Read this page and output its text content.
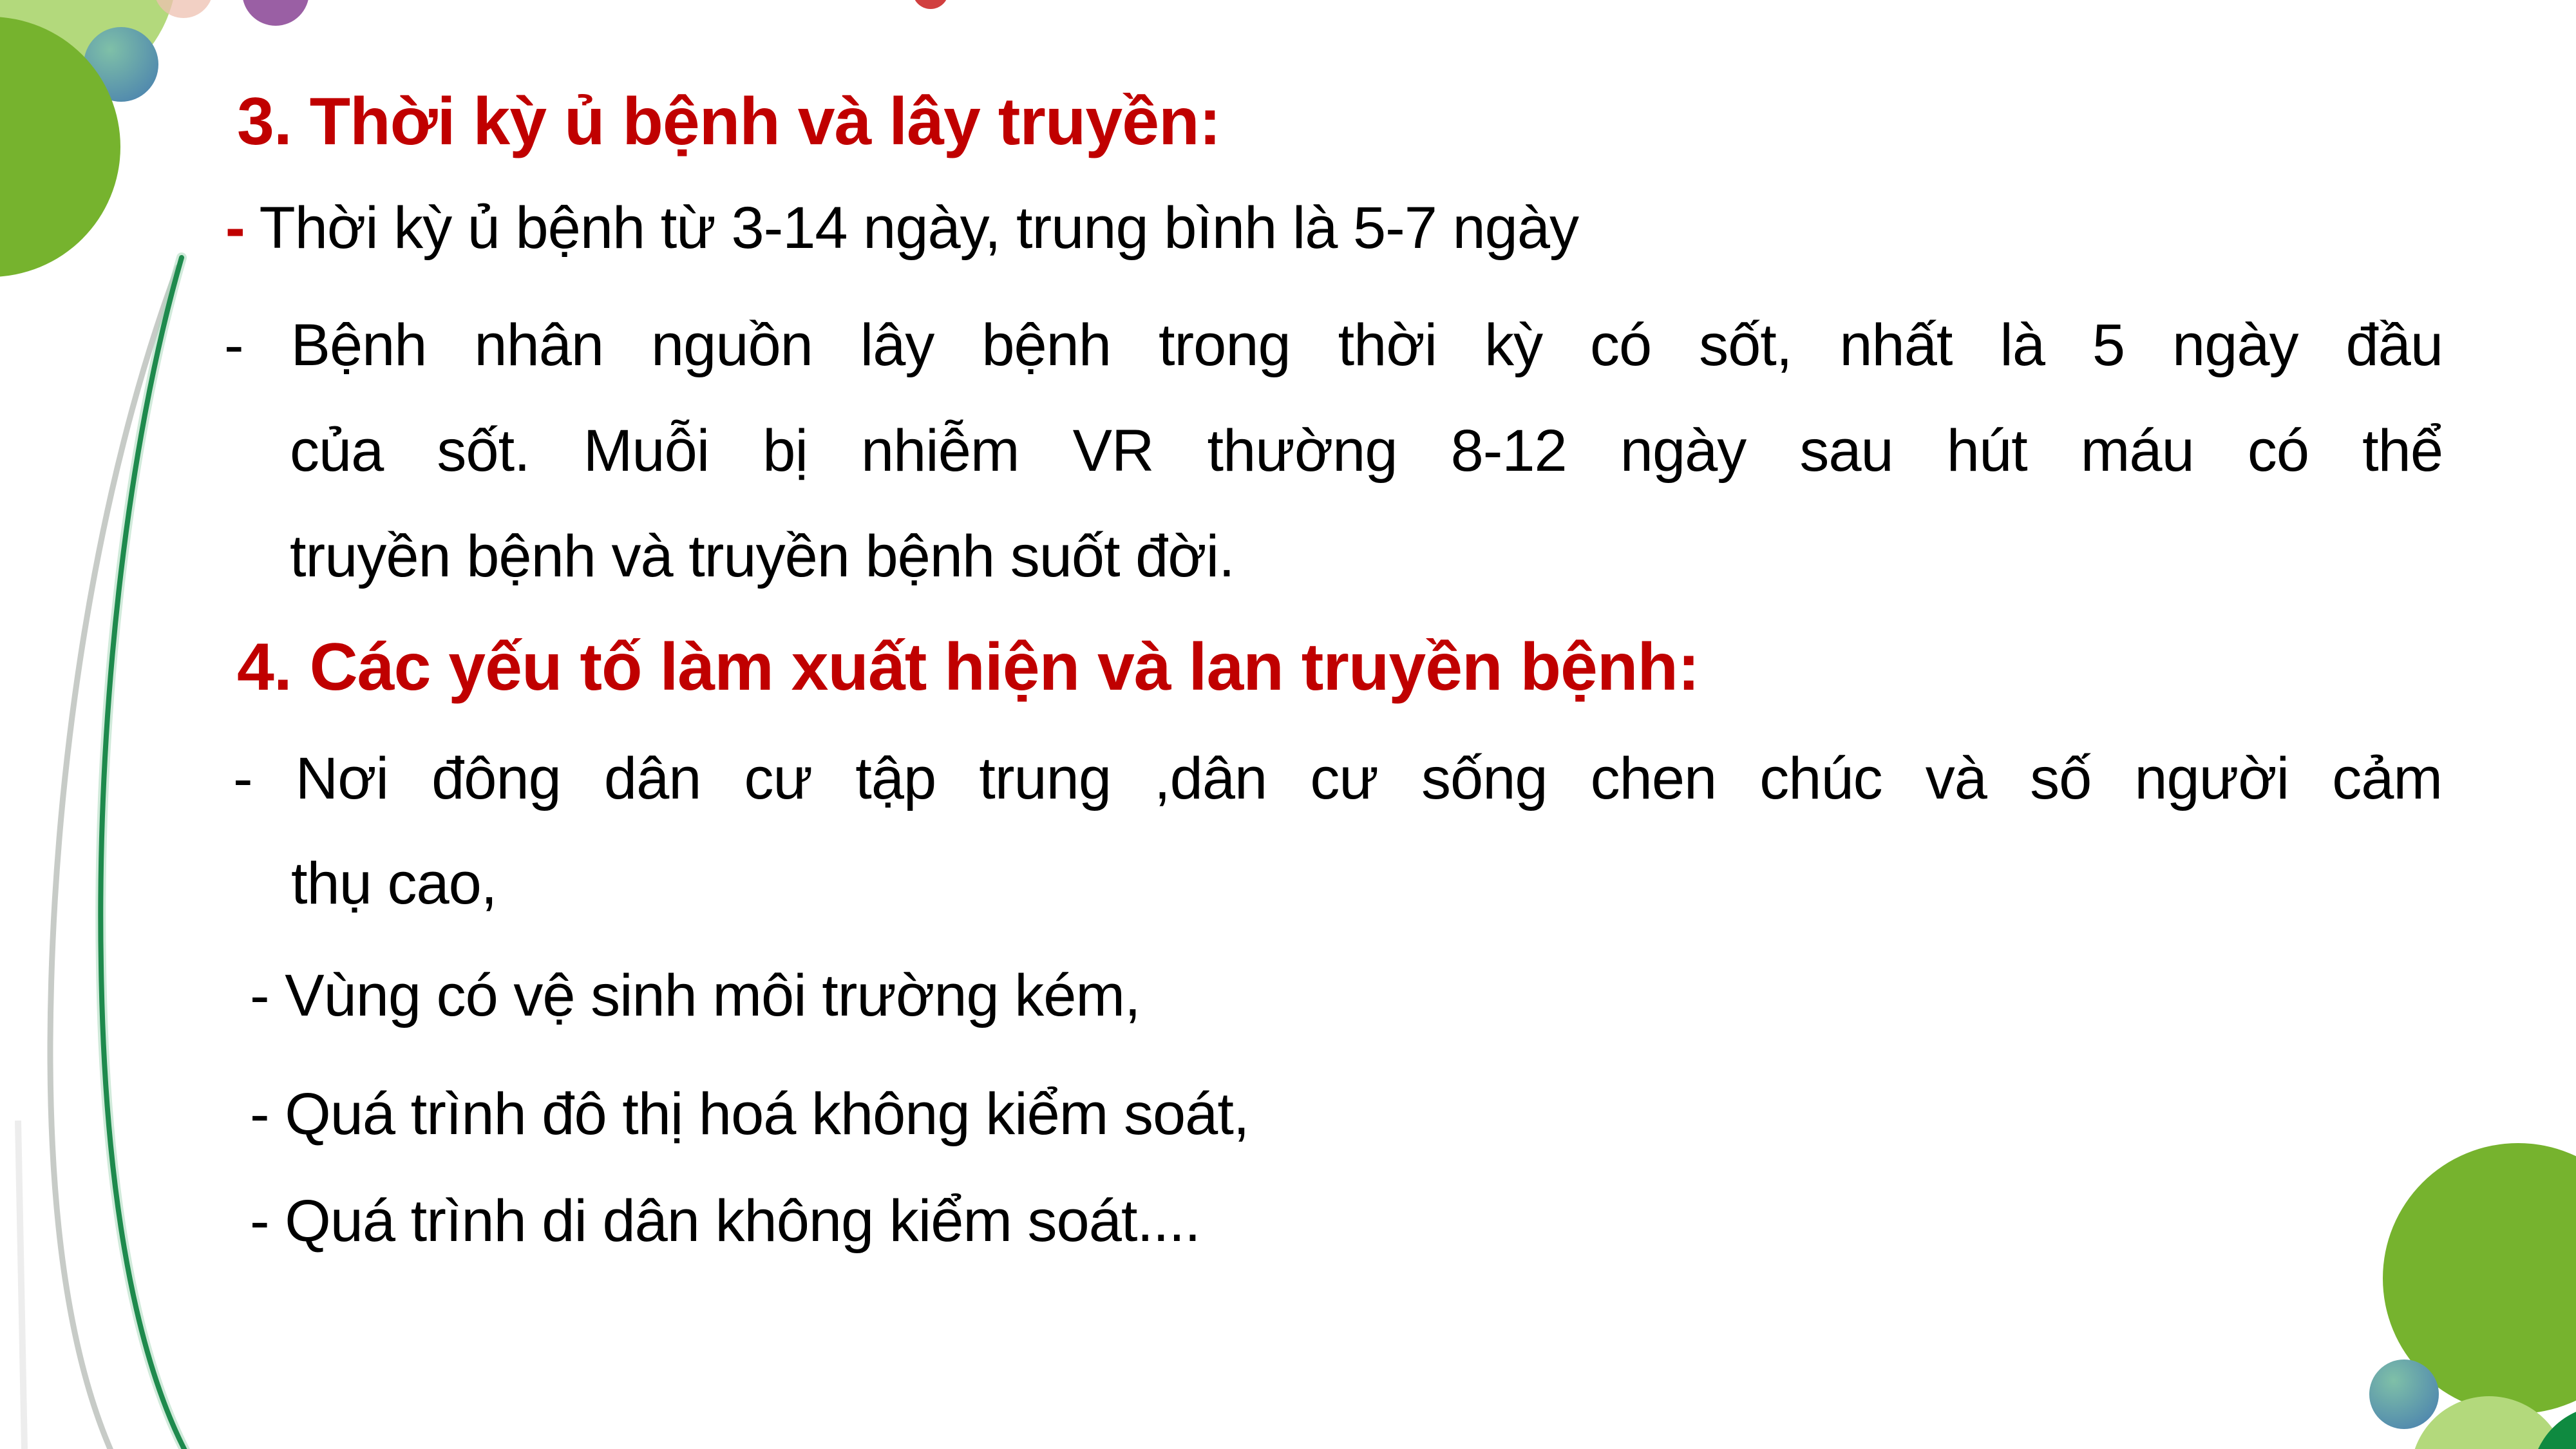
3. Thời kỳ ủ bệnh và lây truyền:
- Thời kỳ ủ bệnh từ 3-14 ngày, trung bình là 5-7 ngày
- Bệnh nhân nguồn lây bệnh trong thời kỳ có sốt, nhất là 5 ngày đầu
của sốt. Muỗi bị nhiễm VR thường 8-12 ngày sau hút máu có thể
truyền bệnh và truyền bệnh suốt đời.
4. Các yếu tố làm xuất hiện và lan truyền bệnh:
- Nơi đông dân cư tập trung ,dân cư sống chen chúc và số người cảm
thụ cao,
- Vùng có vệ sinh môi trường kém,
- Quá trình đô thị hoá không kiểm soát,
- Quá trình di dân không kiểm soát....
